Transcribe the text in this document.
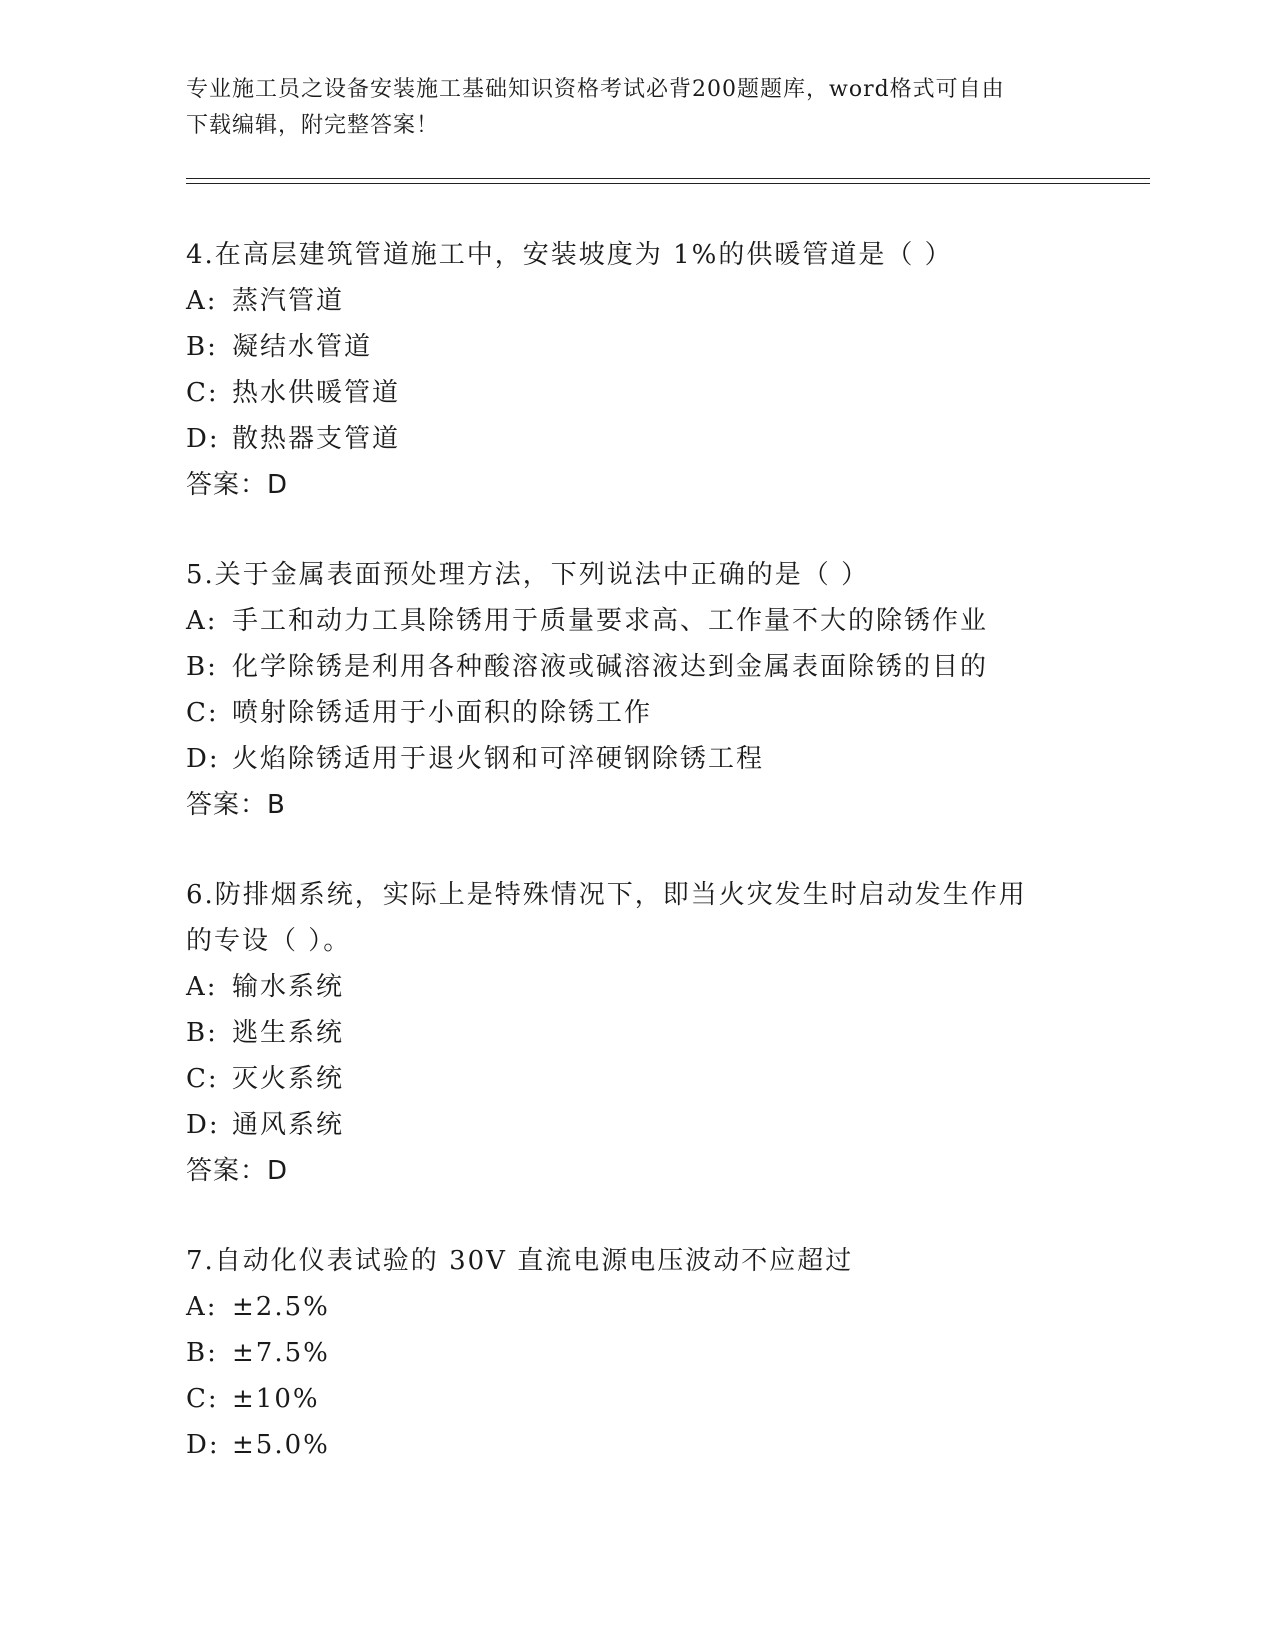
专业施工员之设备安装施工基础知识资格考试必背200题题库，word格式可自由
下载编辑，附完整答案！
4.在高层建筑管道施工中，安装坡度为 1%的供暖管道是（ ）
A: 蒸汽管道
B: 凝结水管道
C: 热水供暖管道
D: 散热器支管道
答案：D
5.关于金属表面预处理方法，下列说法中正确的是（ ）
A: 手工和动力工具除锈用于质量要求高、工作量不大的除锈作业
B: 化学除锈是利用各种酸溶液或碱溶液达到金属表面除锈的目的
C: 喷射除锈适用于小面积的除锈工作
D: 火焰除锈适用于退火钢和可淬硬钢除锈工程
答案：B
6.防排烟系统，实际上是特殊情况下，即当火灾发生时启动发生作用
的专设（ ）。
A: 输水系统
B: 逃生系统
C: 灭火系统
D: 通风系统
答案：D
7.自动化仪表试验的 30V 直流电源电压波动不应超过
A: ±2.5%
B: ±7.5%
C: ±10%
D: ±5.0%
